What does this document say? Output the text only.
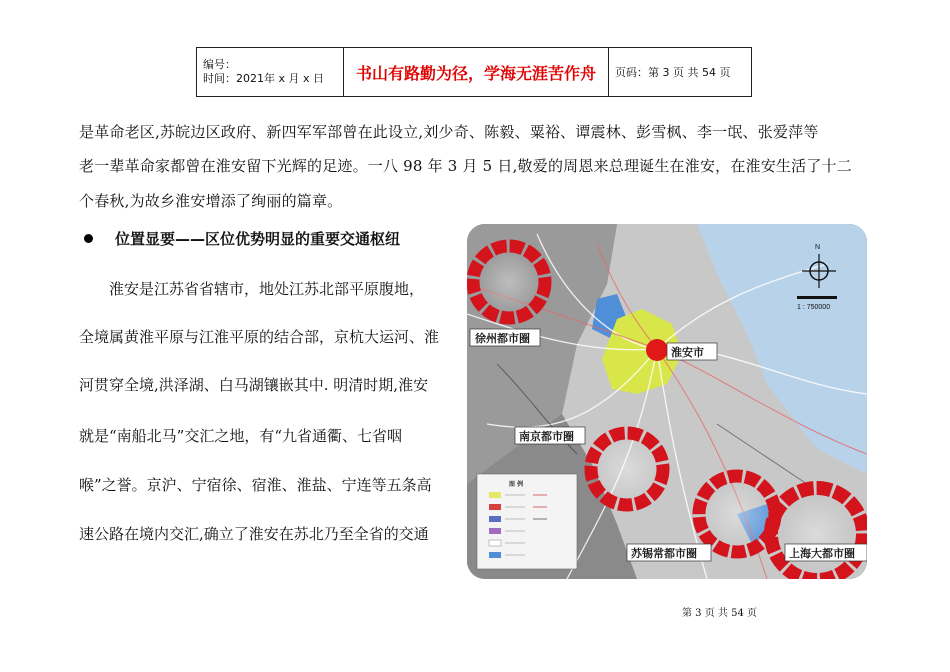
编号：
时间：2021年 x 月 x 日	书山有路勤为径，学海无涯苦作舟	页码：第 3 页 共 54 页
是革命老区,苏皖边区政府、新四军军部曾在此设立,刘少奇、陈毅、粟裕、谭震林、彭雪枫、李一氓、张爱萍等
老一辈革命家都曾在淮安留下光辉的足迹。一八 98 年 3 月 5 日,敬爱的周恩来总理诞生在淮安，在淮安生活了十二
个春秋,为故乡淮安增添了绚丽的篇章。
位置显要——区位优势明显的重要交通枢纽
　　淮安是江苏省省辖市，地处江苏北部平原腹地，
全境属黄淮平原与江淮平原的结合部，京杭大运河、淮
河贯穿全境,洪泽湖、白马湖镶嵌其中. 明清时期,淮安
就是“南船北马”交汇之地，有“九省通衢、七省咽
喉”之誉。京沪、宁宿徐、宿淮、淮盐、宁连等五条高
速公路在境内交汇,确立了淮安在苏北乃至全省的交通
图 例
N
1 : 750000
徐州都市圈
淮安市
南京都市圈
苏锡常都市圈	上海大都市圈
第 3 页 共 54 页
